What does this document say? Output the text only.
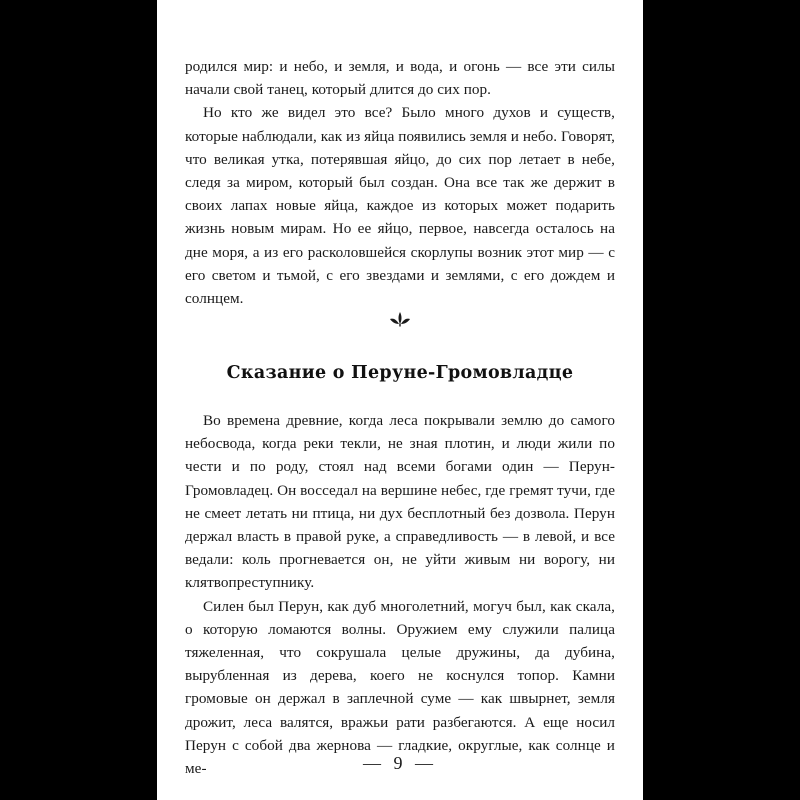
родился мир: и небо, и земля, и вода, и огонь — все эти силы начали свой танец, который длится до сих пор.

Но кто же видел это все? Было много духов и существ, которые наблюдали, как из яйца появились земля и небо. Говорят, что великая утка, потерявшая яйцо, до сих пор летает в небе, следя за миром, который был создан. Она все так же держит в своих лапах новые яйца, каждое из которых может подарить жизнь новым мирам. Но ее яйцо, первое, навсегда осталось на дне моря, а из его расколовшейся скорлупы возник этот мир — с его светом и тьмой, с его звездами и землями, с его дождем и солнцем.

Сказание о Перуне-Громовладце

Во времена древние, когда леса покрывали землю до самого небосвода, когда реки текли, не зная плотин, и люди жили по чести и по роду, стоял над всеми богами один — Перун-Громовладец. Он восседал на вершине небес, где гремят тучи, где не смеет летать ни птица, ни дух бесплотный без дозвола. Перун держал власть в правой руке, а справедливость — в левой, и все ведали: коль прогневается он, не уйти живым ни ворогу, ни клятвопреступнику.

Силен был Перун, как дуб многолетний, могуч был, как скала, о которую ломаются волны. Оружием ему служили палица тяжеленная, что сокрушала целые дружины, да дубина, вырубленная из дерева, коего не коснулся топор. Камни громовые он держал в заплечной суме — как швырнет, земля дрожит, леса валятся, вражьи рати разбегаются. А еще носил Перун с собой два жернова — гладкие, округлые, как солнце и ме-	— 9 —
